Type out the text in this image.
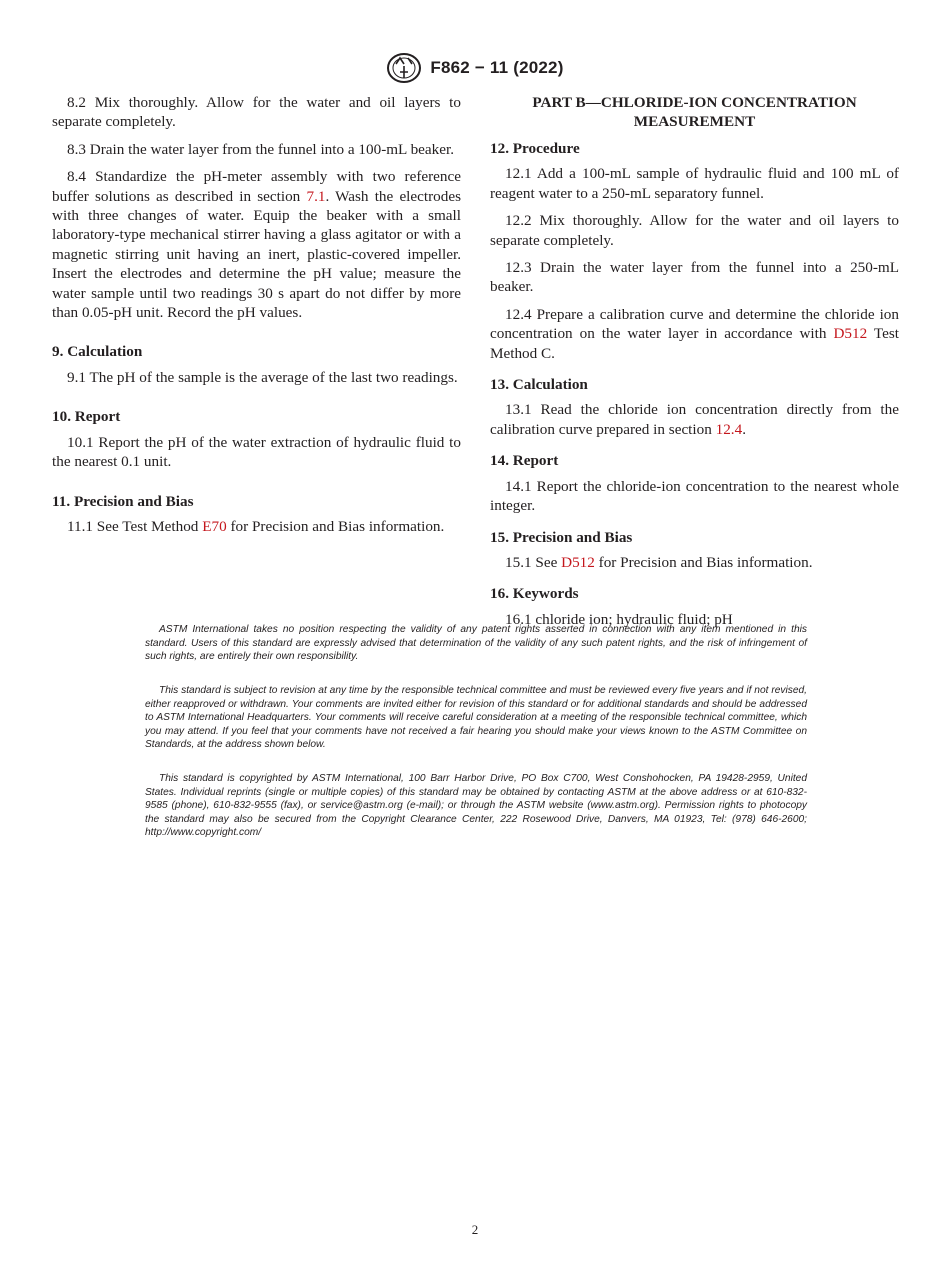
F862 − 11 (2022)

8.2 Mix thoroughly. Allow for the water and oil layers to separate completely.

8.3 Drain the water layer from the funnel into a 100-mL beaker.

8.4 Standardize the pH-meter assembly with two reference buffer solutions as described in section 7.1. Wash the electrodes with three changes of water. Equip the beaker with a small laboratory-type mechanical stirrer having a glass agitator or with a magnetic stirring unit having an inert, plastic-covered impeller. Insert the electrodes and determine the pH value; measure the water sample until two readings 30 s apart do not differ by more than 0.05-pH unit. Record the pH values.

9. Calculation

9.1 The pH of the sample is the average of the last two readings.

10. Report

10.1 Report the pH of the water extraction of hydraulic fluid to the nearest 0.1 unit.

11. Precision and Bias

11.1 See Test Method E70 for Precision and Bias information.

PART B—CHLORIDE-ION CONCENTRATION
MEASUREMENT
12. Procedure

12.1 Add a 100-mL sample of hydraulic fluid and 100 mL of reagent water to a 250-mL separatory funnel.

12.2 Mix thoroughly. Allow for the water and oil layers to separate completely.

12.3 Drain the water layer from the funnel into a 250-mL beaker.

12.4 Prepare a calibration curve and determine the chloride ion concentration on the water layer in accordance with D512 Test Method C.

13. Calculation

13.1 Read the chloride ion concentration directly from the calibration curve prepared in section 12.4.

14. Report

14.1 Report the chloride-ion concentration to the nearest whole integer.

15. Precision and Bias

15.1 See D512 for Precision and Bias information.

16. Keywords

16.1 chloride ion; hydraulic fluid; pH

ASTM International takes no position respecting the validity of any patent rights asserted in connection with any item mentioned in this standard. Users of this standard are expressly advised that determination of the validity of any such patent rights, and the risk of infringement of such rights, are entirely their own responsibility.

This standard is subject to revision at any time by the responsible technical committee and must be reviewed every five years and if not revised, either reapproved or withdrawn. Your comments are invited either for revision of this standard or for additional standards and should be addressed to ASTM International Headquarters. Your comments will receive careful consideration at a meeting of the responsible technical committee, which you may attend. If you feel that your comments have not received a fair hearing you should make your views known to the ASTM Committee on Standards, at the address shown below.

This standard is copyrighted by ASTM International, 100 Barr Harbor Drive, PO Box C700, West Conshohocken, PA 19428-2959, United States. Individual reprints (single or multiple copies) of this standard may be obtained by contacting ASTM at the above address or at 610-832-9585 (phone), 610-832-9555 (fax), or service@astm.org (e-mail); or through the ASTM website (www.astm.org). Permission rights to photocopy the standard may also be secured from the Copyright Clearance Center, 222 Rosewood Drive, Danvers, MA 01923, Tel: (978) 646-2600; http://www.copyright.com/

2
